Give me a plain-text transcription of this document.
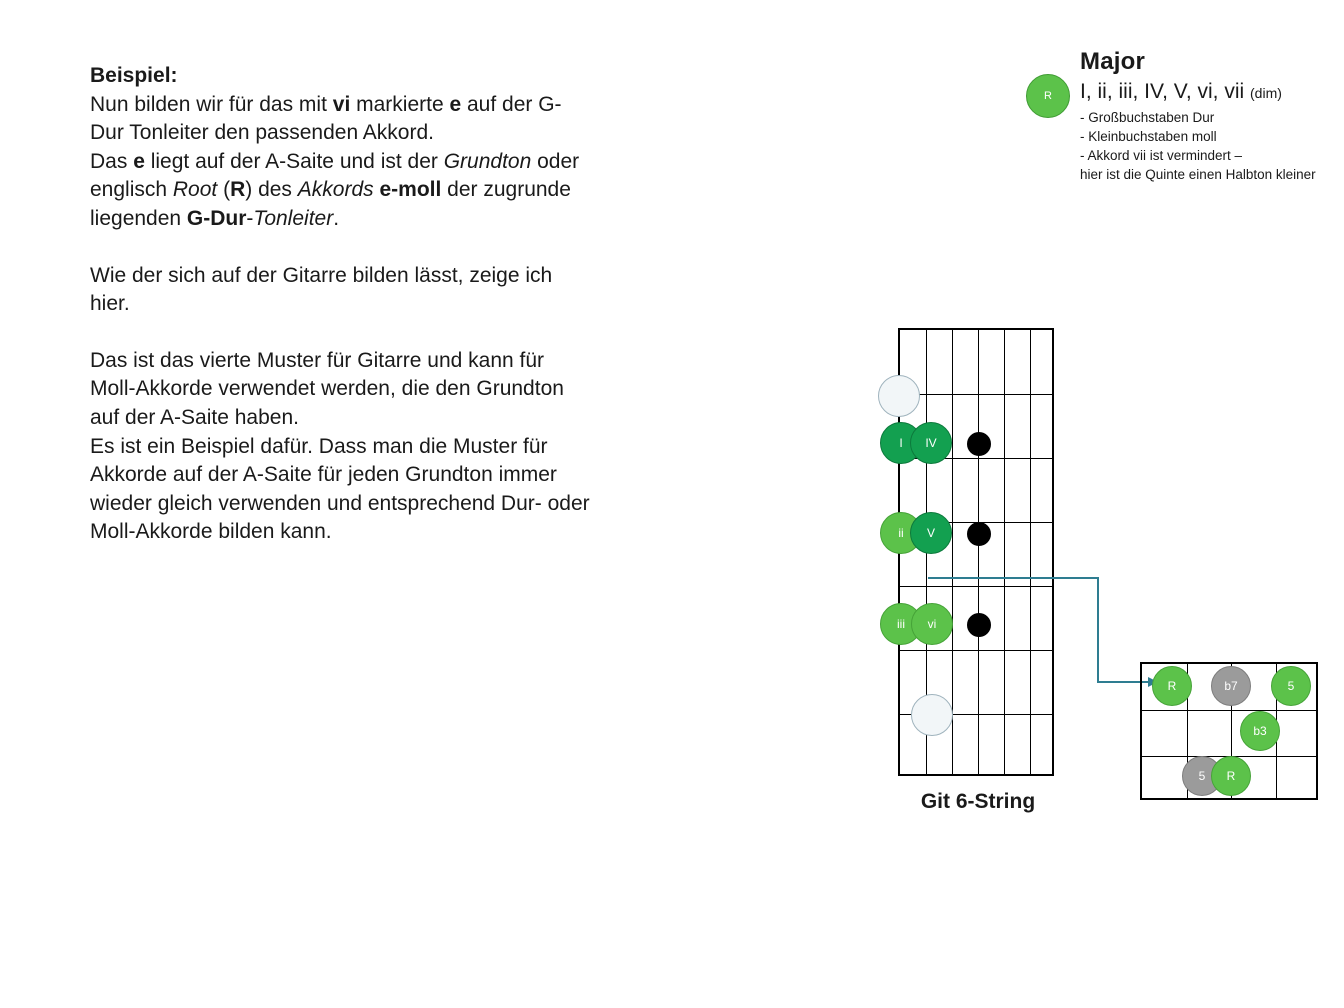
Beispiel:
Nun bilden wir für das mit vi markierte e auf der G-Dur Tonleiter den passenden Akkord.
Das e liegt auf der A-Saite und ist der Grundton oder englisch Root (R) des Akkords e-moll der zugrunde liegenden G-Dur-Tonleiter.

Wie der sich auf der Gitarre bilden lässt, zeige ich hier.

Das ist das vierte Muster für Gitarre und kann für Moll-Akkorde verwendet werden, die den Grundton auf der A-Saite haben.

Es ist ein Beispiel dafür. Dass man die Muster für Akkorde auf der A-Saite für jeden Grundton immer wieder gleich verwenden und entsprechend Dur- oder Moll-Akkorde bilden kann.

R
Major
I, ii, iii, IV, V, vi, vii (dim)
- Großbuchstaben Dur
- Kleinbuchstaben moll
- Akkord vii ist vermindert –
hier ist die Quinte einen Halbton kleiner
Git 6-String
I	IV
ii	V
iii	vi
R	b7	5
b3
5	R
